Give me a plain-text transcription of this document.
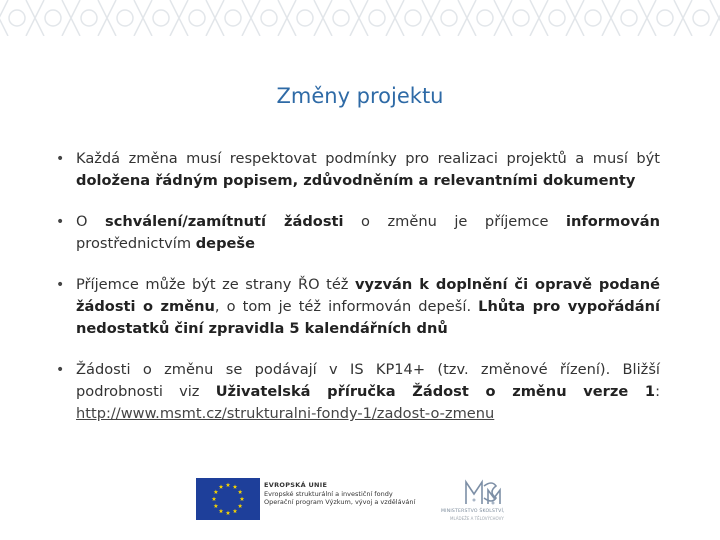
Změny projektu
• Každá změna musí respektovat podmínky pro realizaci projektů a musí být doložena řádným popisem, zdůvodněním a relevantními dokumenty
• O schválení/zamítnutí žádosti o změnu je příjemce informován prostřednictvím depeše
• Příjemce může být ze strany ŘO též vyzván k doplnění či opravě podané žádosti o změnu, o tom je též informován depeší. Lhůta pro vypořádání nedostatků činí zpravidla 5 kalendářních dnů
• Žádosti o změnu se podávají v IS KP14+ (tzv. změnové řízení). Bližší podrobnosti viz Uživatelská příručka Žádost o změnu verze 1: http://www.msmt.cz/strukturalni-fondy-1/zadost-o-zmenu
EVROPSKÁ UNIE
Evropské strukturální a investiční fondy
Operační program Výzkum, vývoj a vzdělávání
MINISTERSTVO ŠKOLSTVÍ,
MLÁDEŽE A TĚLOVÝCHOVY
